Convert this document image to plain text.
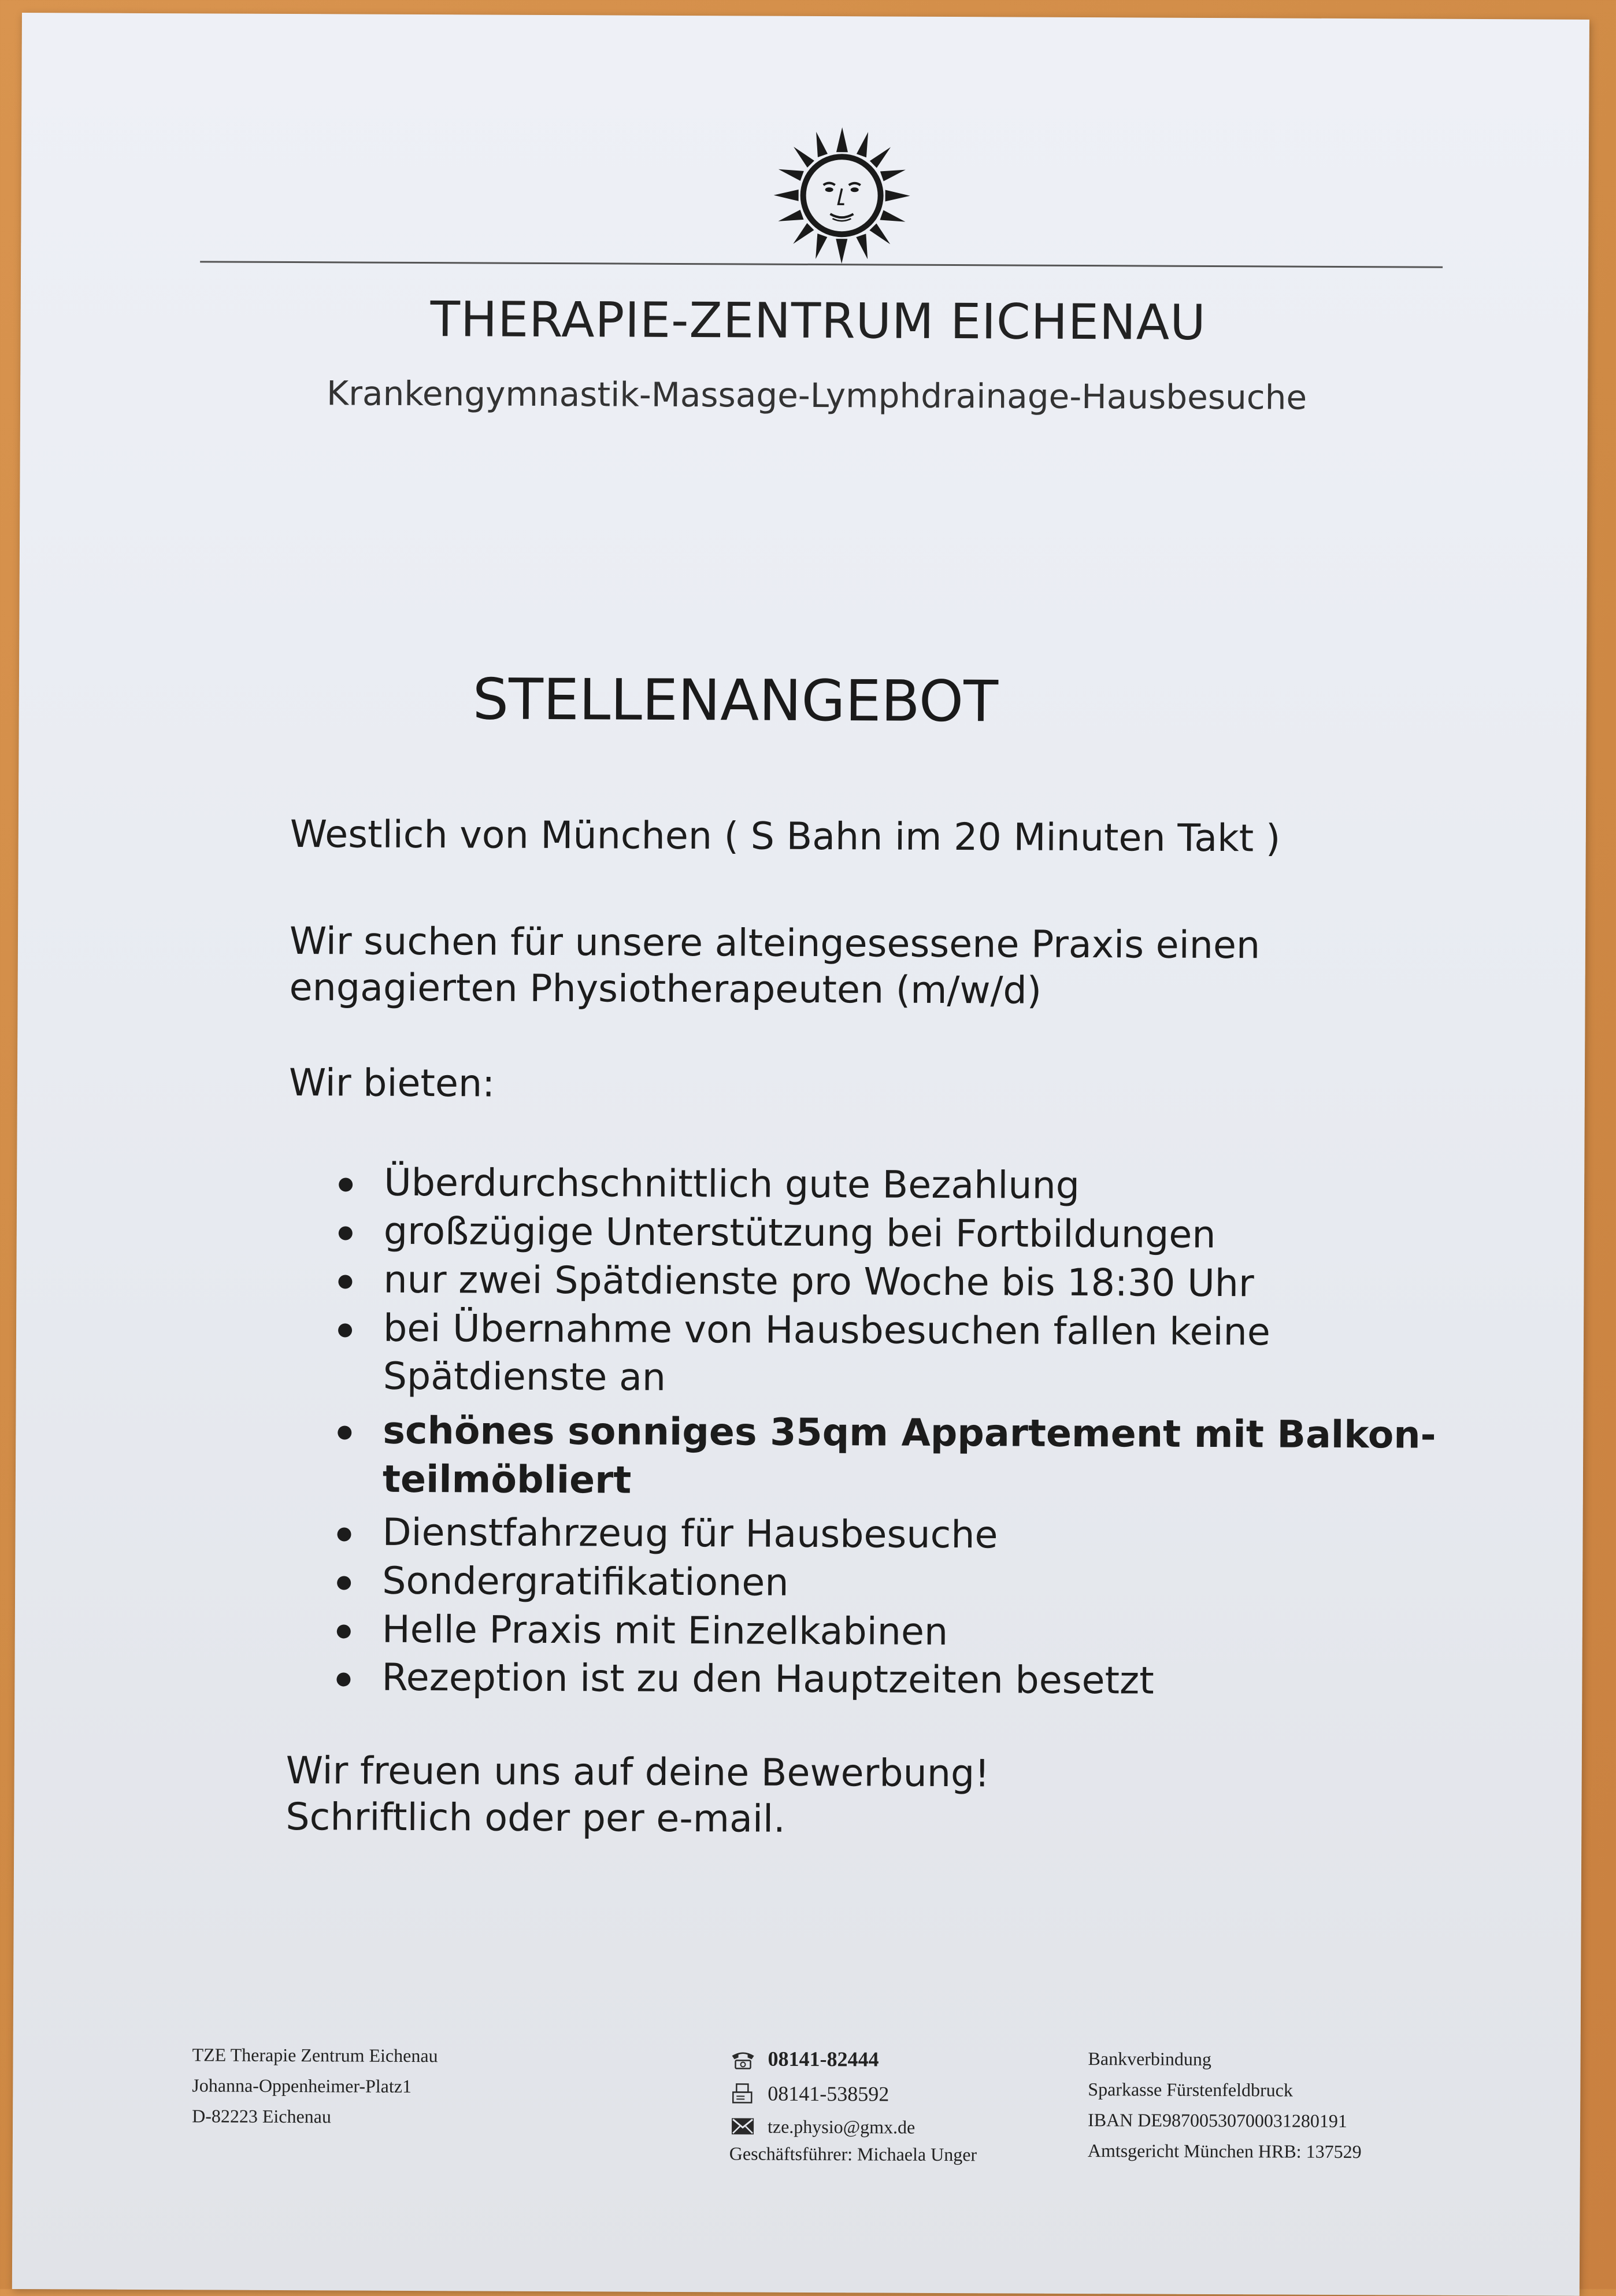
THERAPIE-ZENTRUM EICHENAU
Krankengymnastik-Massage-Lymphdrainage-Hausbesuche
STELLENANGEBOT
Westlich von München ( S Bahn im 20 Minuten Takt )
Wir suchen für unsere alteingesessene Praxis einen
engagierten Physiotherapeuten (m/w/d)
Wir bieten:
Überdurchschnittlich gute Bezahlung
großzügige Unterstützung bei Fortbildungen
nur zwei Spätdienste pro Woche bis 18:30 Uhr
bei Übernahme von Hausbesuchen fallen keine
Spätdienste an
schönes sonniges 35qm Appartement mit Balkon-
teilmöbliert
Dienstfahrzeug für Hausbesuche
Sondergratifikationen
Helle Praxis mit Einzelkabinen
Rezeption ist zu den Hauptzeiten besetzt
Wir freuen uns auf deine Bewerbung!
Schriftlich oder per e-mail.
TZE Therapie Zentrum Eichenau
Johanna-Oppenheimer-Platz1
D-82223 Eichenau
08141-82444
08141-538592
tze.physio@gmx.de
Geschäftsführer: Michaela Unger
Bankverbindung
Sparkasse Fürstenfeldbruck
IBAN DE98700530700031280191
Amtsgericht München HRB: 137529
